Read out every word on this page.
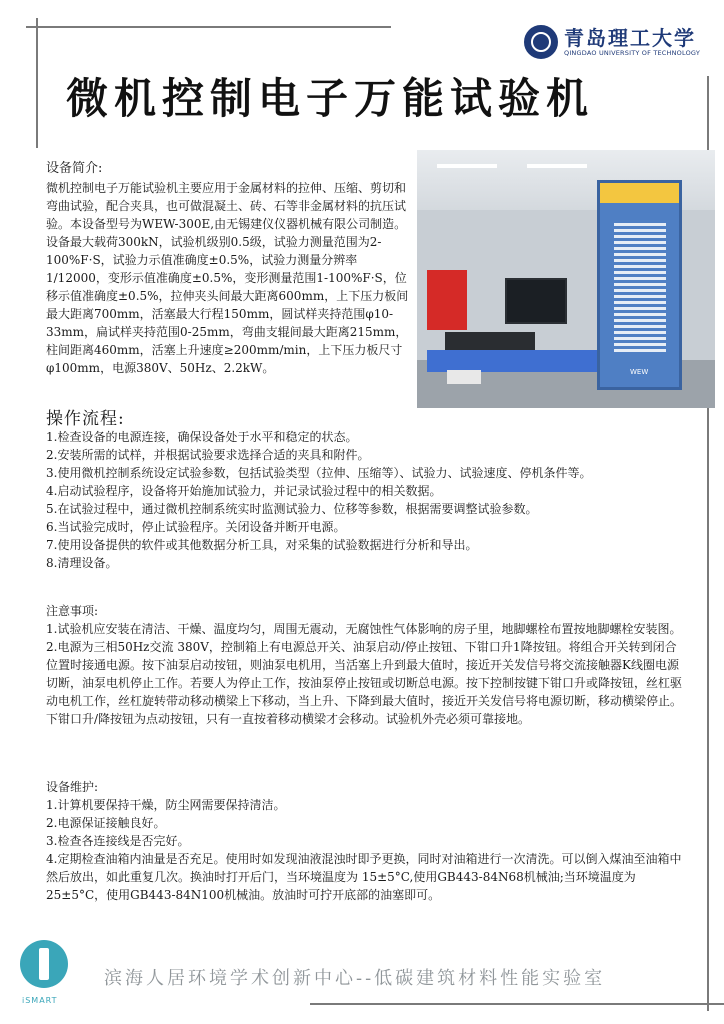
青岛理工大学
QINGDAO UNIVERSITY OF TECHNOLOGY
微机控制电子万能试验机
设备简介:
微机控制电子万能试验机主要应用于金属材料的拉伸、压缩、剪切和弯曲试验，配合夹具，也可做混凝土、砖、石等非金属材料的抗压试验。本设备型号为WEW-300E,由无锡建仪仪器机械有限公司制造。设备最大载荷300kN，试验机级别0.5级，试验力测量范围为2-100%F·S，试验力示值准确度±0.5%，试验力测量分辨率1/12000，变形示值准确度±0.5%，变形测量范围1-100%F·S，位移示值准确度±0.5%，拉伸夹头间最大距离600mm，上下压力板间最大距离700mm，活塞最大行程150mm，圆试样夹持范围φ10-33mm，扁试样夹持范围0-25mm，弯曲支辊间最大距离215mm，柱间距离460mm，活塞上升速度≥200mm/min，上下压力板尺寸φ100mm，电源380V、50Hz、2.2kW。	WEW
操作流程:
1.检查设备的电源连接，确保设备处于水平和稳定的状态。
2.安装所需的试样，并根据试验要求选择合适的夹具和附件。
3.使用微机控制系统设定试验参数，包括试验类型（拉伸、压缩等）、试验力、试验速度、停机条件等。
4.启动试验程序，设备将开始施加试验力，并记录试验过程中的相关数据。
5.在试验过程中，通过微机控制系统实时监测试验力、位移等参数，根据需要调整试验参数。
6.当试验完成时，停止试验程序。关闭设备并断开电源。
7.使用设备提供的软件或其他数据分析工具，对采集的试验数据进行分析和导出。
8.清理设备。
注意事项:
1.试验机应安装在清洁、干燥、温度均匀，周围无震动，无腐蚀性气体影响的房子里，地脚螺栓布置按地脚螺栓安装图。
2.电源为三相50Hz交流 380V，控制箱上有电源总开关、油泵启动/停止按钮、下钳口升1降按钮。将组合开关转到闭合位置时接通电源。按下油泵启动按钮，则油泵电机用，当活塞上升到最大值时，接近开关发信号将交流接触器K线圈电源切断，油泵电机停止工作。若要人为停止工作，按油泵停止按钮或切断总电源。按下控制按键下钳口升或降按钮，丝杠驱动电机工作，丝杠旋转带动移动横梁上下移动，当上升、下降到最大值时，接近开关发信号将电源切断，移动横梁停止。下钳口升/降按钮为点动按钮，只有一直按着移动横梁才会移动。试验机外壳必须可靠接地。
设备维护:
1.计算机要保持干燥，防尘网需要保持清洁。
2.电源保证接触良好。
3.检查各连接线是否完好。
4.定期检查油箱内油量是否充足。使用时如发现油液混浊时即予更换，同时对油箱进行一次清洗。可以倒入煤油至油箱中然后放出，如此重复几次。换油时打开后门，当环境温度为 15±5°C,使用GB443-84N68机械油;当环境温度为25±5°C，使用GB443-84N100机械油。放油时可拧开底部的油塞即可。
iSMART
滨海人居环境学术创新中心--低碳建筑材料性能实验室
